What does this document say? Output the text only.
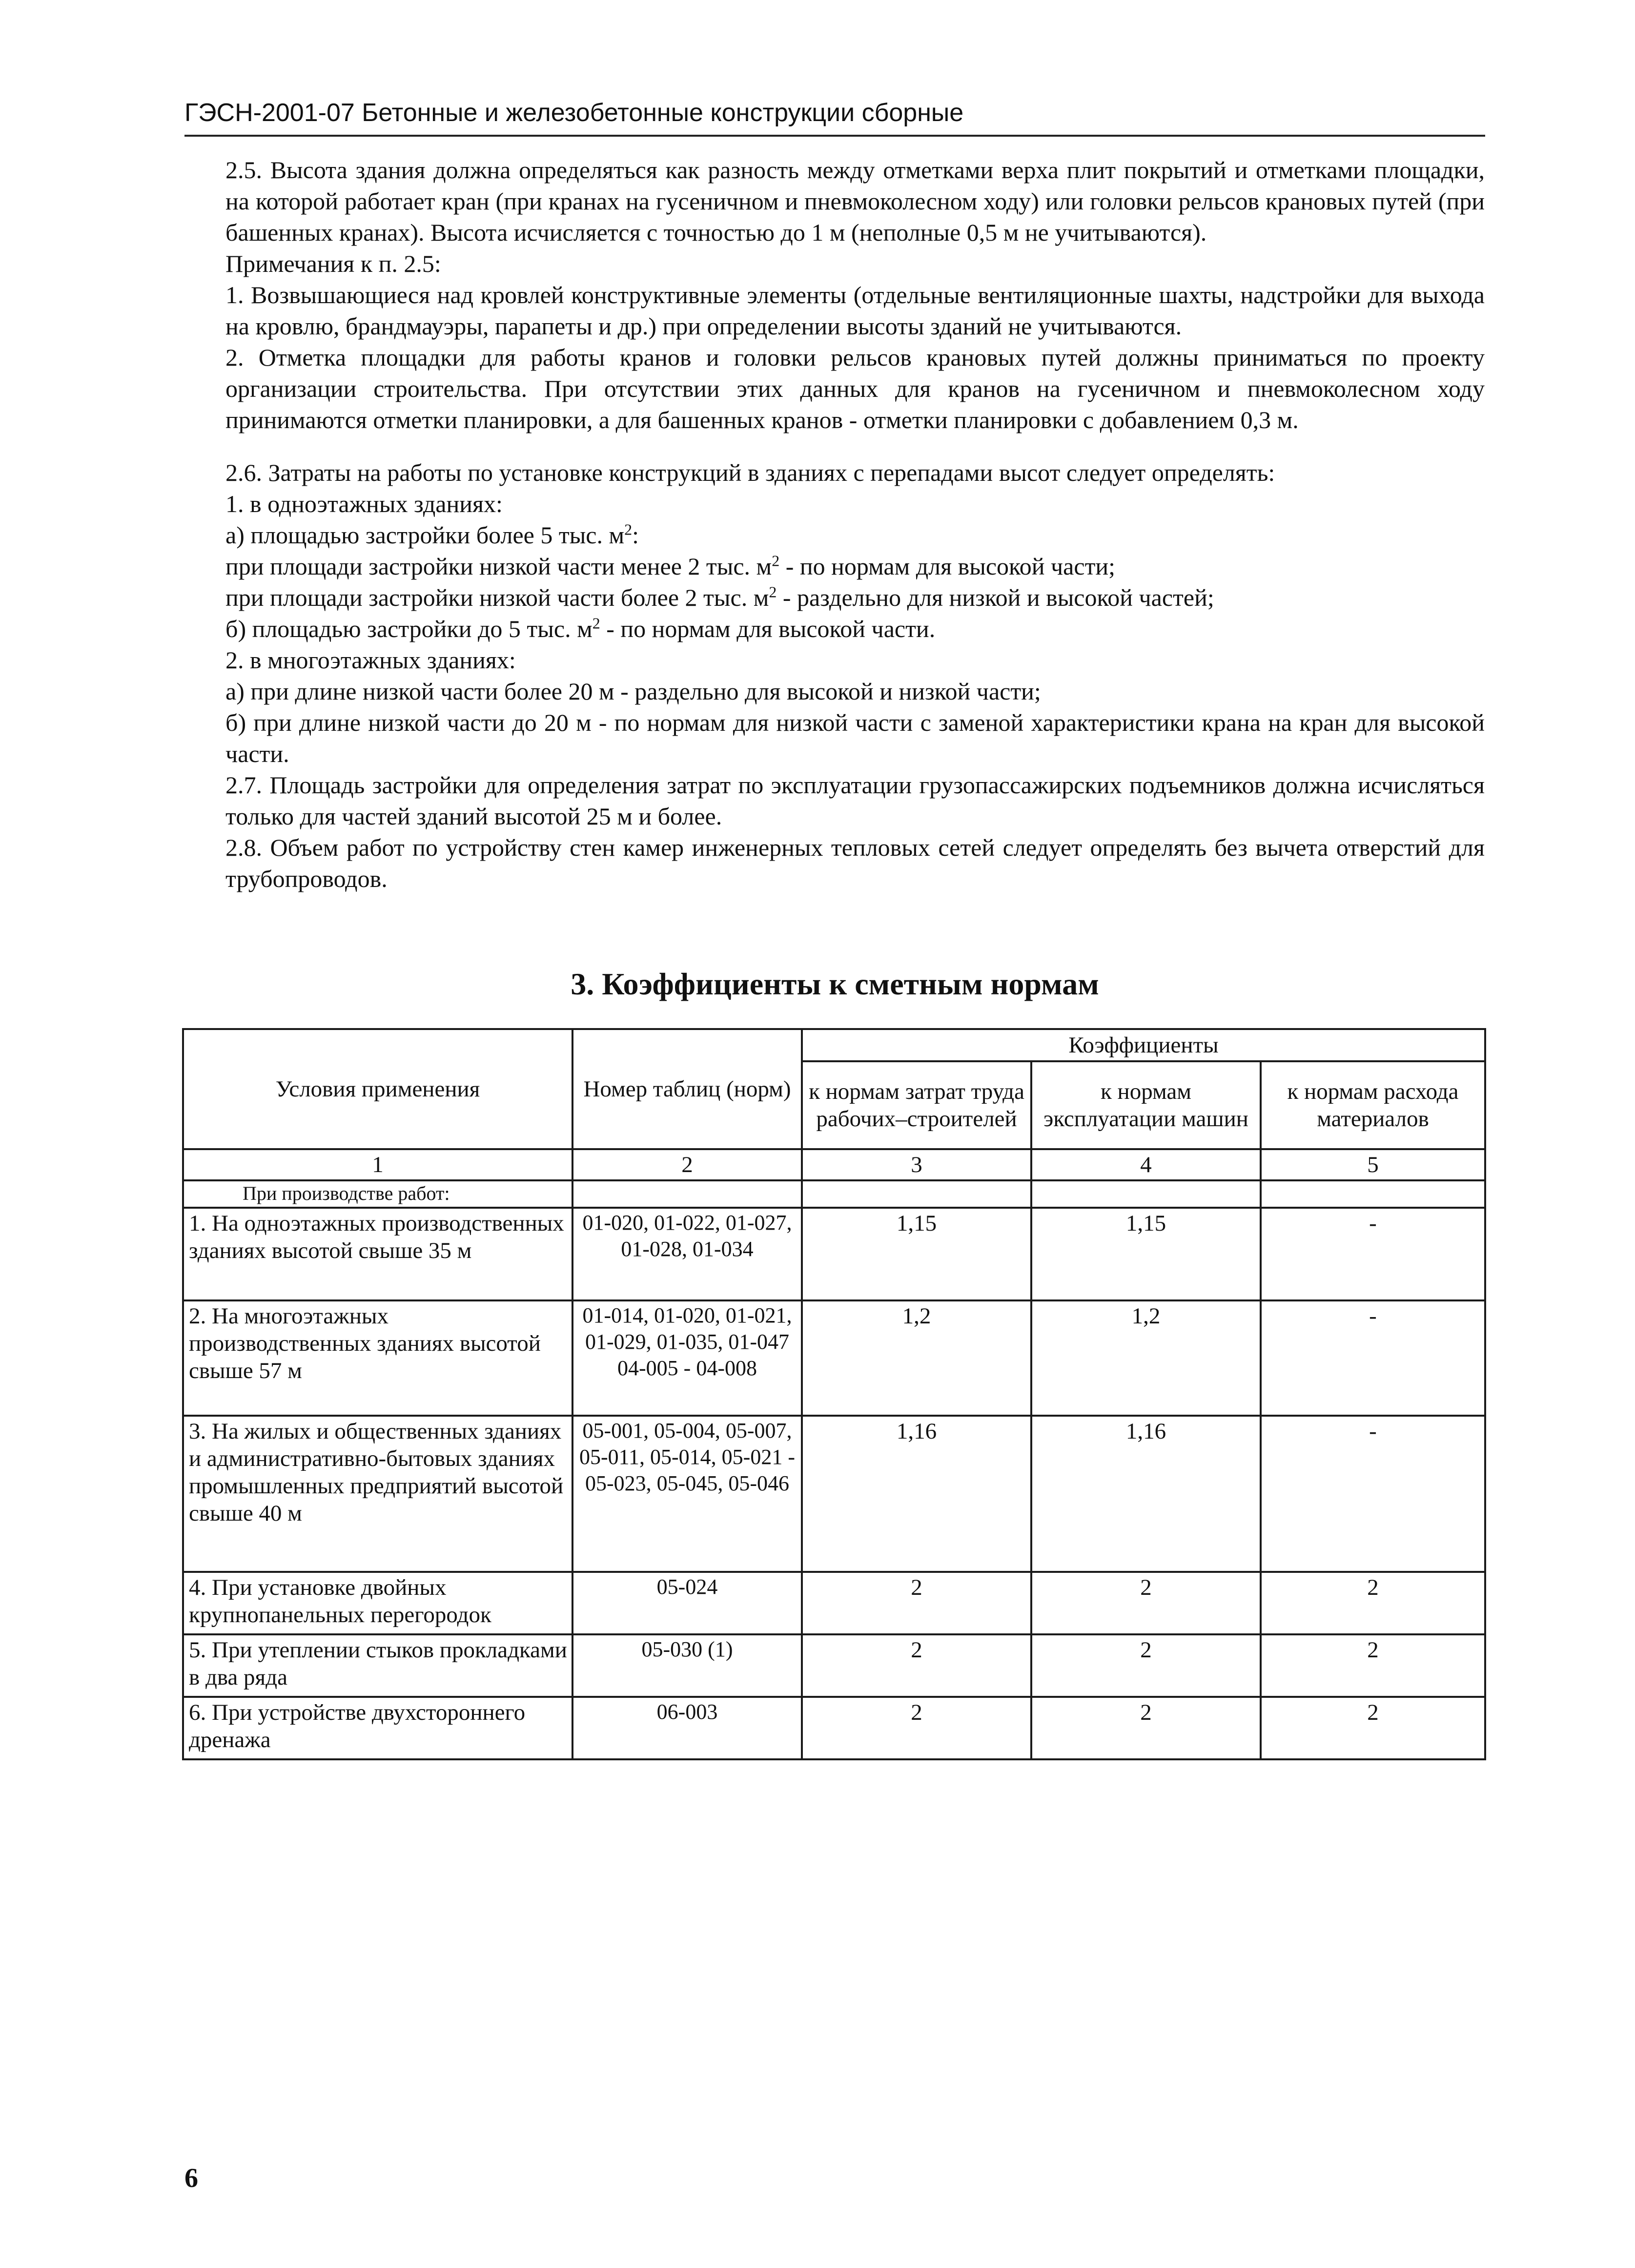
ГЭСН-2001-07 Бетонные и железобетонные конструкции сборные

2.5. Высота здания должна определяться как разность между отметками верха плит покрытий и отметками площадки, на которой работает кран (при кранах на гусеничном и пневмоколесном ходу) или головки рельсов крановых путей (при башенных кранах). Высота исчисляется с точностью до 1 м (неполные 0,5 м не учитываются).

Примечания к п. 2.5:

1. Возвышающиеся над кровлей конструктивные элементы (отдельные вентиляционные шахты, надстройки для выхода на кровлю, брандмауэры, парапеты и др.) при определении высоты зданий не учитываются.

2. Отметка площадки для работы кранов и головки рельсов крановых путей должны приниматься по проекту организации строительства. При отсутствии этих данных для кранов на гусеничном и пневмоколесном ходу принимаются отметки планировки, а для башенных кранов - отметки планировки с добавлением 0,3 м.

2.6. Затраты на работы по установке конструкций в зданиях с перепадами высот следует определять:

1. в одноэтажных зданиях:

а) площадью застройки более 5 тыс. $м^2$:

при площади застройки низкой части менее 2 тыс. $м^2$ - по нормам для высокой части;

при площади застройки низкой части более 2 тыс. $м^2$ - раздельно для низкой и высокой частей;

б) площадью застройки до 5 тыс. $м^2$ - по нормам для высокой части.

2. в многоэтажных зданиях:

а) при длине низкой части более 20 м - раздельно для высокой и низкой части;

б) при длине низкой части до 20 м - по нормам для низкой части с заменой характеристики крана на кран для высокой части.

2.7. Площадь застройки для определения затрат по эксплуатации грузопассажирских подъемников должна исчисляться только для частей зданий высотой 25 м и более.

2.8. Объем работ по устройству стен камер инженерных тепловых сетей следует определять без вычета отверстий для трубопроводов.

3. Коэффициенты к сметным нормам
Условия применения	Номер таблиц (норм)	Коэффициенты		
		к нормам затрат труда рабочих–строителей	к нормам эксплуатации машин	к нормам расхода материалов
1	2	3	4	5
При производстве работ:				
1. На одноэтажных производственных зданиях высотой свыше 35 м	01-020, 01-022, 01-027, 01-028, 01-034	1,15	1,15	-
2. На многоэтажных производственных зданиях высотой свыше 57 м	01-014, 01-020, 01-021, 01-029, 01-035, 01-047 04-005 - 04-008	1,2	1,2	-
3. На жилых и общественных зданиях и административно-бытовых зданиях промышленных предприятий высотой свыше 40 м	05-001, 05-004, 05-007, 05-011, 05-014, 05-021 - 05-023, 05-045, 05-046	1,16	1,16	-
4. При установке двойных крупнопанельных перегородок	05-024	2	2	2
5. При утеплении стыков прокладками в два ряда	05-030 (1)	2	2	2
6. При устройстве двухстороннего дренажа	06-003	2	2	2
6
